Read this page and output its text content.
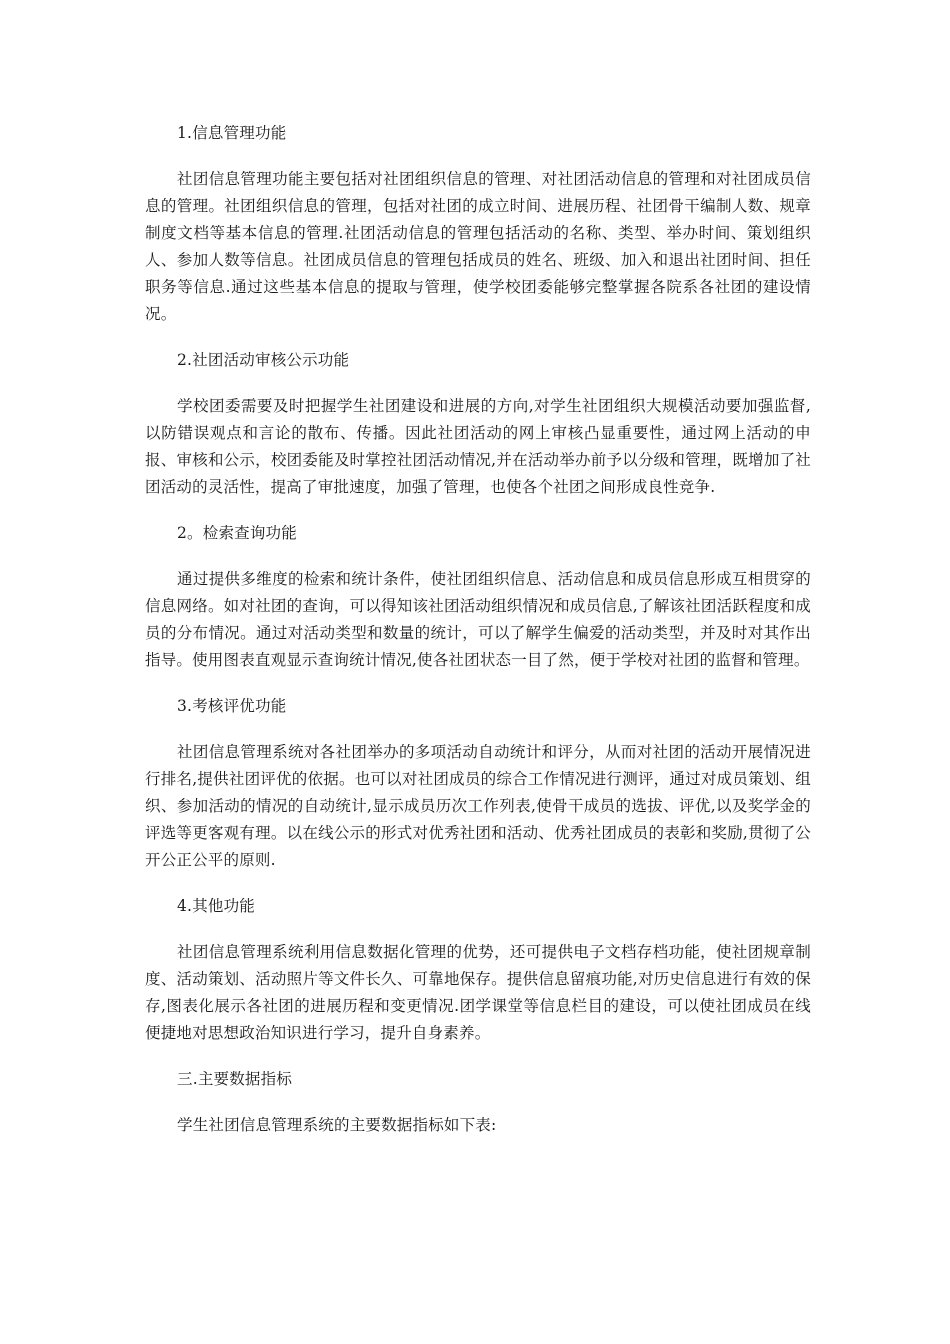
1.信息管理功能

社团信息管理功能主要包括对社团组织信息的管理、对社团活动信息的管理和对社团成员信息的管理。社团组织信息的管理，包括对社团的成立时间、进展历程、社团骨干编制人数、规章制度文档等基本信息的管理.社团活动信息的管理包括活动的名称、类型、举办时间、策划组织人、参加人数等信息。社团成员信息的管理包括成员的姓名、班级、加入和退出社团时间、担任职务等信息.通过这些基本信息的提取与管理，使学校团委能够完整掌握各院系各社团的建设情况。

2.社团活动审核公示功能

学校团委需要及时把握学生社团建设和进展的方向,对学生社团组织大规模活动要加强监督,以防错误观点和言论的散布、传播。因此社团活动的网上审核凸显重要性，通过网上活动的申报、审核和公示，校团委能及时掌控社团活动情况,并在活动举办前予以分级和管理，既增加了社团活动的灵活性，提高了审批速度，加强了管理，也使各个社团之间形成良性竞争.

2。检索查询功能

通过提供多维度的检索和统计条件，使社团组织信息、活动信息和成员信息形成互相贯穿的信息网络。如对社团的查询，可以得知该社团活动组织情况和成员信息,了解该社团活跃程度和成员的分布情况。通过对活动类型和数量的统计，可以了解学生偏爱的活动类型，并及时对其作出指导。使用图表直观显示查询统计情况,使各社团状态一目了然，便于学校对社团的监督和管理。

3.考核评优功能

社团信息管理系统对各社团举办的多项活动自动统计和评分，从而对社团的活动开展情况进行排名,提供社团评优的依据。也可以对社团成员的综合工作情况进行测评，通过对成员策划、组织、参加活动的情况的自动统计,显示成员历次工作列表,使骨干成员的选拔、评优,以及奖学金的评选等更客观有理。以在线公示的形式对优秀社团和活动、优秀社团成员的表彰和奖励,贯彻了公开公正公平的原则.

4.其他功能

社团信息管理系统利用信息数据化管理的优势，还可提供电子文档存档功能，使社团规章制度、活动策划、活动照片等文件长久、可靠地保存。提供信息留痕功能,对历史信息进行有效的保存,图表化展示各社团的进展历程和变更情况.团学课堂等信息栏目的建设，可以使社团成员在线便捷地对思想政治知识进行学习，提升自身素养。

三.主要数据指标

学生社团信息管理系统的主要数据指标如下表:
